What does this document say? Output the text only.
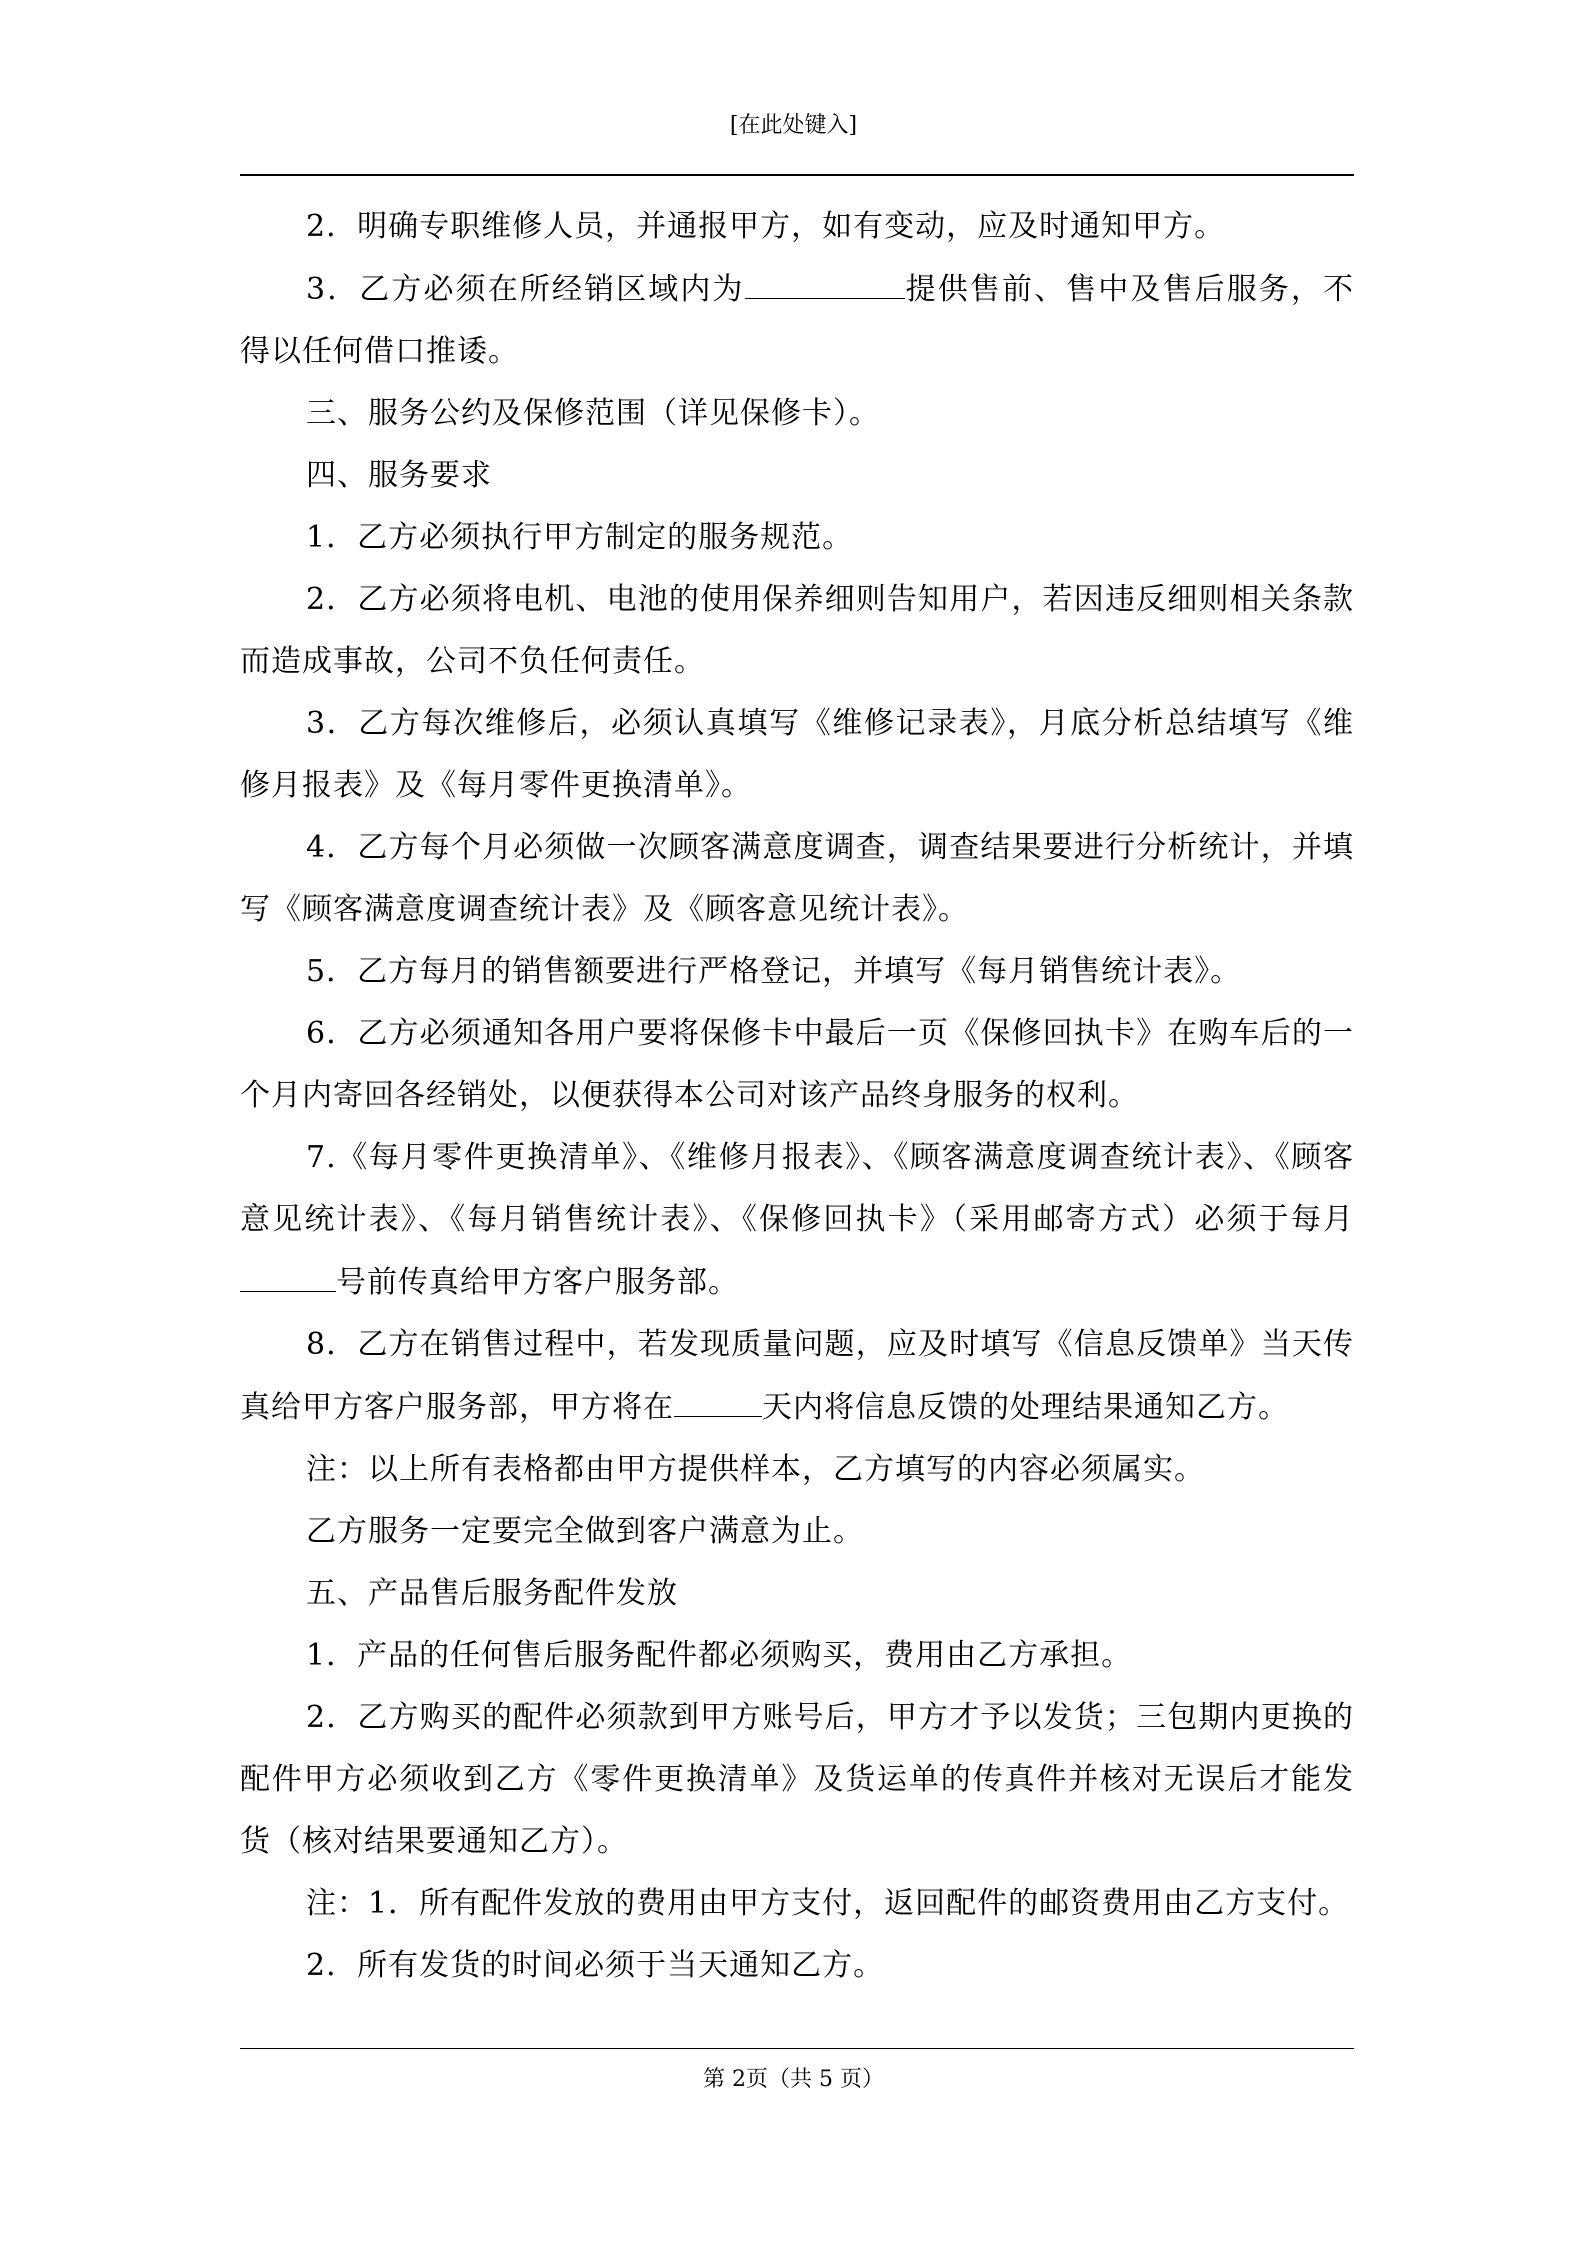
[在此处键入]

2．明确专职维修人员，并通报甲方，如有变动，应及时通知甲方。

3．乙方必须在所经销区域内为	提供售前、售中及售后服务，不得以任何借口推诿。

三、服务公约及保修范围（详见保修卡）。

四、服务要求

1．乙方必须执行甲方制定的服务规范。

2．乙方必须将电机、电池的使用保养细则告知用户，若因违反细则相关条款而造成事故，公司不负任何责任。

3．乙方每次维修后，必须认真填写《维修记录表》，月底分析总结填写《维修月报表》及《每月零件更换清单》。

4．乙方每个月必须做一次顾客满意度调查，调查结果要进行分析统计，并填写《顾客满意度调查统计表》及《顾客意见统计表》。

5．乙方每月的销售额要进行严格登记，并填写《每月销售统计表》。

6．乙方必须通知各用户要将保修卡中最后一页《保修回执卡》在购车后的一个月内寄回各经销处，以便获得本公司对该产品终身服务的权利。

7.《每月零件更换清单》、《维修月报表》、《顾客满意度调查统计表》、《顾客意见统计表》、《每月销售统计表》、《保修回执卡》（采用邮寄方式）必须于每月号前传真给甲方客户服务部。

8．乙方在销售过程中，若发现质量问题，应及时填写《信息反馈单》当天传真给甲方客户服务部，甲方将在	天内将信息反馈的处理结果通知乙方。

注：以上所有表格都由甲方提供样本，乙方填写的内容必须属实。

乙方服务一定要完全做到客户满意为止。

五、产品售后服务配件发放

1．产品的任何售后服务配件都必须购买，费用由乙方承担。

2．乙方购买的配件必须款到甲方账号后，甲方才予以发货；三包期内更换的配件甲方必须收到乙方《零件更换清单》及货运单的传真件并核对无误后才能发货（核对结果要通知乙方）。

注：1．所有配件发放的费用由甲方支付，返回配件的邮资费用由乙方支付。

2．所有发货的时间必须于当天通知乙方。

第 2页（共 5 页）
